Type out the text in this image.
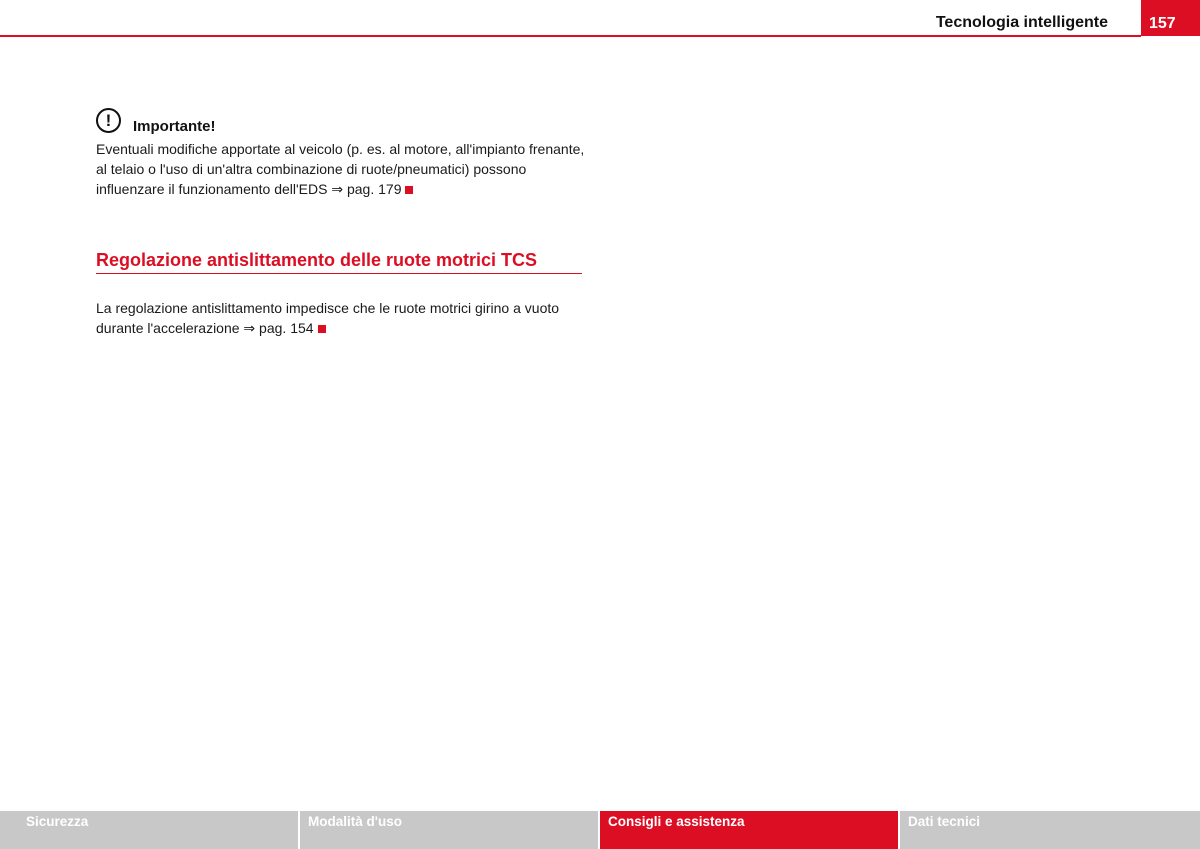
Tecnologia intelligente	157
!	Importante!
Eventuali modifiche apportate al veicolo (p. es. al motore, all'impianto frenante, al telaio o l'uso di un'altra combinazione di ruote/pneumatici) possono influenzare il funzionamento dell'EDS ⇒ pag. 179
Regolazione antislittamento delle ruote motrici TCS
La regolazione antislittamento impedisce che le ruote motrici girino a vuoto durante l'accelerazione ⇒ pag. 154
Sicurezza	Modalità d'uso	Consigli e assistenza	Dati tecnici
